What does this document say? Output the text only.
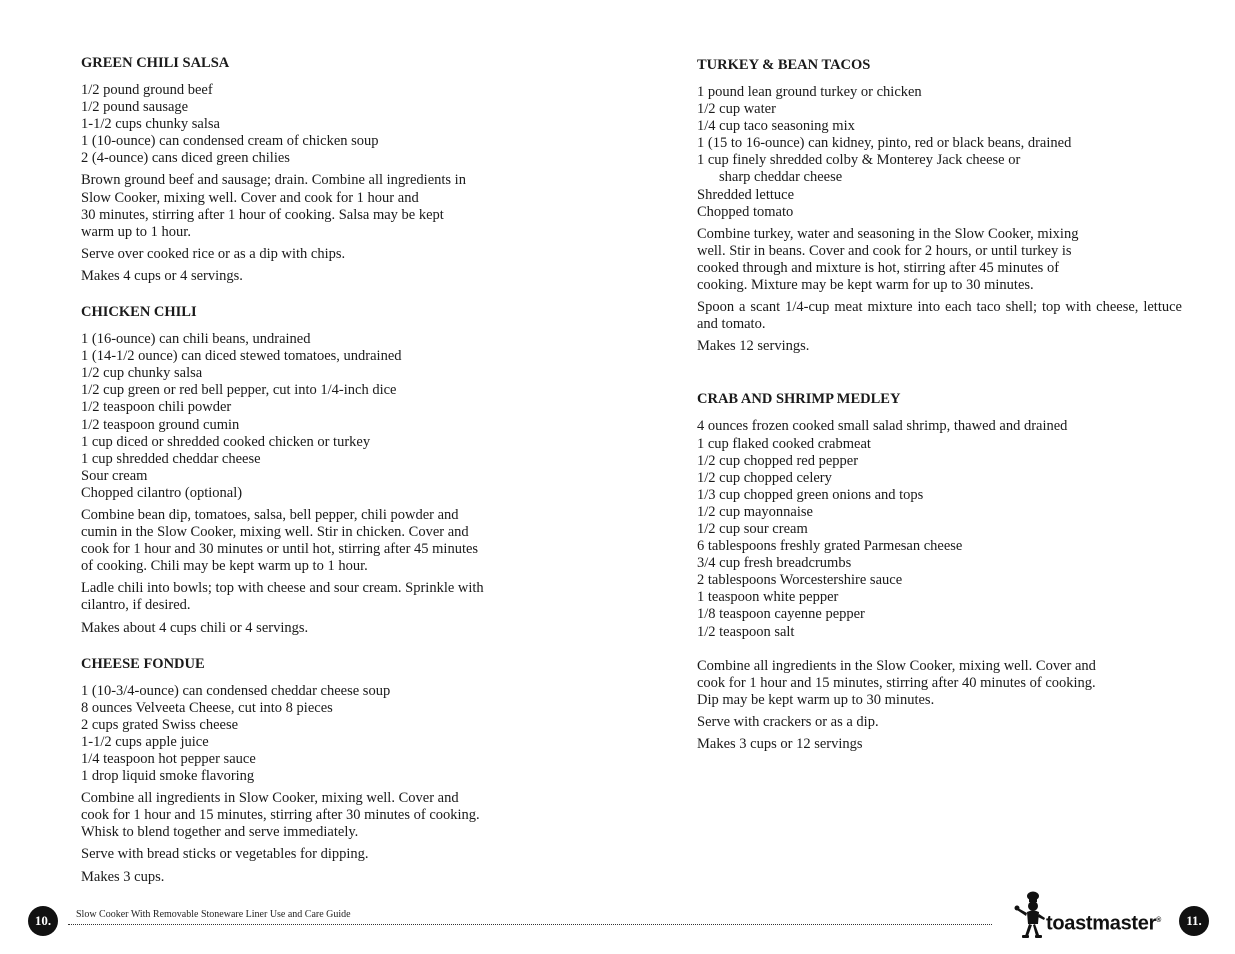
GREEN CHILI SALSA
1/2 pound ground beef
1/2 pound sausage
1-1/2 cups chunky salsa
1 (10-ounce) can condensed cream of chicken soup
2 (4-ounce) cans diced green chilies

Brown ground beef and sausage; drain. Combine all ingredients in
Slow Cooker, mixing well. Cover and cook for 1 hour and
30 minutes, stirring after 1 hour of cooking. Salsa may be kept
warm up to 1 hour.

Serve over cooked rice or as a dip with chips.

Makes 4 cups or 4 servings.

CHICKEN CHILI
1 (16-ounce) can chili beans, undrained
1 (14-1/2 ounce) can diced stewed tomatoes, undrained
1/2 cup chunky salsa
1/2 cup green or red bell pepper, cut into 1/4-inch dice
1/2 teaspoon chili powder
1/2 teaspoon ground cumin
1 cup diced or shredded cooked chicken or turkey
1 cup shredded cheddar cheese
Sour cream
Chopped cilantro (optional)

Combine bean dip, tomatoes, salsa, bell pepper, chili powder and
cumin in the Slow Cooker, mixing well. Stir in chicken. Cover and
cook for 1 hour and 30 minutes or until hot, stirring after 45 minutes
of cooking. Chili may be kept warm up to 1 hour.

Ladle chili into bowls; top with cheese and sour cream. Sprinkle with
cilantro, if desired.

Makes about 4 cups chili or 4 servings.

CHEESE FONDUE
1 (10-3/4-ounce) can condensed cheddar cheese soup
8 ounces Velveeta Cheese, cut into 8 pieces
2 cups grated Swiss cheese
1-1/2 cups apple juice
1/4 teaspoon hot pepper sauce
1 drop liquid smoke flavoring

Combine all ingredients in Slow Cooker, mixing well. Cover and
cook for 1 hour and 15 minutes, stirring after 30 minutes of cooking.
Whisk to blend together and serve immediately.

Serve with bread sticks or vegetables for dipping.

Makes 3 cups.

TURKEY & BEAN TACOS
1 pound lean ground turkey or chicken
1/2 cup water
1/4 cup taco seasoning mix
1 (15 to 16-ounce) can kidney, pinto, red or black beans, drained
1 cup finely shredded colby & Monterey Jack cheese or
sharp cheddar cheese
Shredded lettuce
Chopped tomato

Combine turkey, water and seasoning in the Slow Cooker, mixing
well. Stir in beans. Cover and cook for 2 hours, or until turkey is
cooked through and mixture is hot, stirring after 45 minutes of
cooking. Mixture may be kept warm for up to 30 minutes.

Spoon a scant 1/4-cup meat mixture into each taco shell; top with cheese, lettuce and tomato.

Makes 12 servings.

CRAB AND SHRIMP MEDLEY
4 ounces frozen cooked small salad shrimp, thawed and drained
1 cup flaked cooked crabmeat
1/2 cup chopped red pepper
1/2 cup chopped celery
1/3 cup chopped green onions and tops
1/2 cup mayonnaise
1/2 cup sour cream
6 tablespoons freshly grated Parmesan cheese
3/4 cup fresh breadcrumbs
2 tablespoons Worcestershire sauce
1 teaspoon white pepper
1/8 teaspoon cayenne pepper
1/2 teaspoon salt

Combine all ingredients in the Slow Cooker, mixing well. Cover and
cook for 1 hour and 15 minutes, stirring after 40 minutes of cooking.
Dip may be kept warm up to 30 minutes.

Serve with crackers or as a dip.

Makes 3 cups or 12 servings

10.	Slow Cooker With Removable Stoneware Liner Use and Care Guide	toastmaster®	11.
